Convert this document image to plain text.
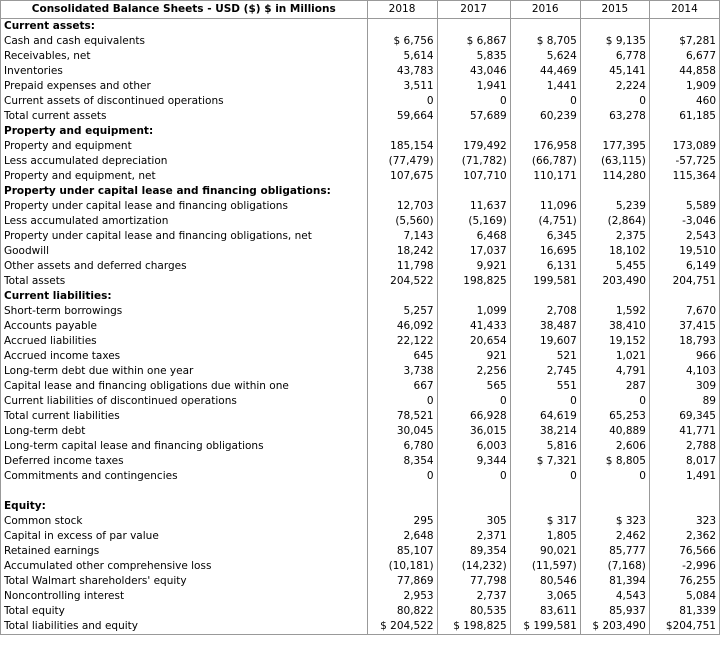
Consolidated Balance Sheets - USD ($) $ in Millions	2018	2017	2016	2015	2014
Current assets:					
Cash and cash equivalents	$ 6,756	$ 6,867	$ 8,705	$ 9,135	$7,281
Receivables, net	5,614	5,835	5,624	6,778	6,677
Inventories	43,783	43,046	44,469	45,141	44,858
Prepaid expenses and other	3,511	1,941	1,441	2,224	1,909
Current assets of discontinued operations	0	0	0	0	460
Total current assets	59,664	57,689	60,239	63,278	61,185
Property and equipment:					
Property and equipment	185,154	179,492	176,958	177,395	173,089
Less accumulated depreciation	(77,479)	(71,782)	(66,787)	(63,115)	-57,725
Property and equipment, net	107,675	107,710	110,171	114,280	115,364
Property under capital lease and financing obligations:					
Property under capital lease and financing obligations	12,703	11,637	11,096	5,239	5,589
Less accumulated amortization	(5,560)	(5,169)	(4,751)	(2,864)	-3,046
Property under capital lease and financing obligations, net	7,143	6,468	6,345	2,375	2,543
Goodwill	18,242	17,037	16,695	18,102	19,510
Other assets and deferred charges	11,798	9,921	6,131	5,455	6,149
Total assets	204,522	198,825	199,581	203,490	204,751
Current liabilities:					
Short-term borrowings	5,257	1,099	2,708	1,592	7,670
Accounts payable	46,092	41,433	38,487	38,410	37,415
Accrued liabilities	22,122	20,654	19,607	19,152	18,793
Accrued income taxes	645	921	521	1,021	966
Long-term debt due within one year	3,738	2,256	2,745	4,791	4,103
Capital lease and financing obligations due within one	667	565	551	287	309
Current liabilities of discontinued operations	0	0	0	0	89
Total current liabilities	78,521	66,928	64,619	65,253	69,345
Long-term debt	30,045	36,015	38,214	40,889	41,771
Long-term capital lease and financing obligations	6,780	6,003	5,816	2,606	2,788
Deferred income taxes	8,354	9,344	$ 7,321	$ 8,805	8,017
Commitments and contingencies	0	0	0	0	1,491

Equity:					
Common stock	295	305	$ 317	$ 323	323
Capital in excess of par value	2,648	2,371	1,805	2,462	2,362
Retained earnings	85,107	89,354	90,021	85,777	76,566
Accumulated other comprehensive loss	(10,181)	(14,232)	(11,597)	(7,168)	-2,996
Total Walmart shareholders' equity	77,869	77,798	80,546	81,394	76,255
Noncontrolling interest	2,953	2,737	3,065	4,543	5,084
Total equity	80,822	80,535	83,611	85,937	81,339
Total liabilities and equity	$ 204,522	$ 198,825	$ 199,581	$ 203,490	$204,751
